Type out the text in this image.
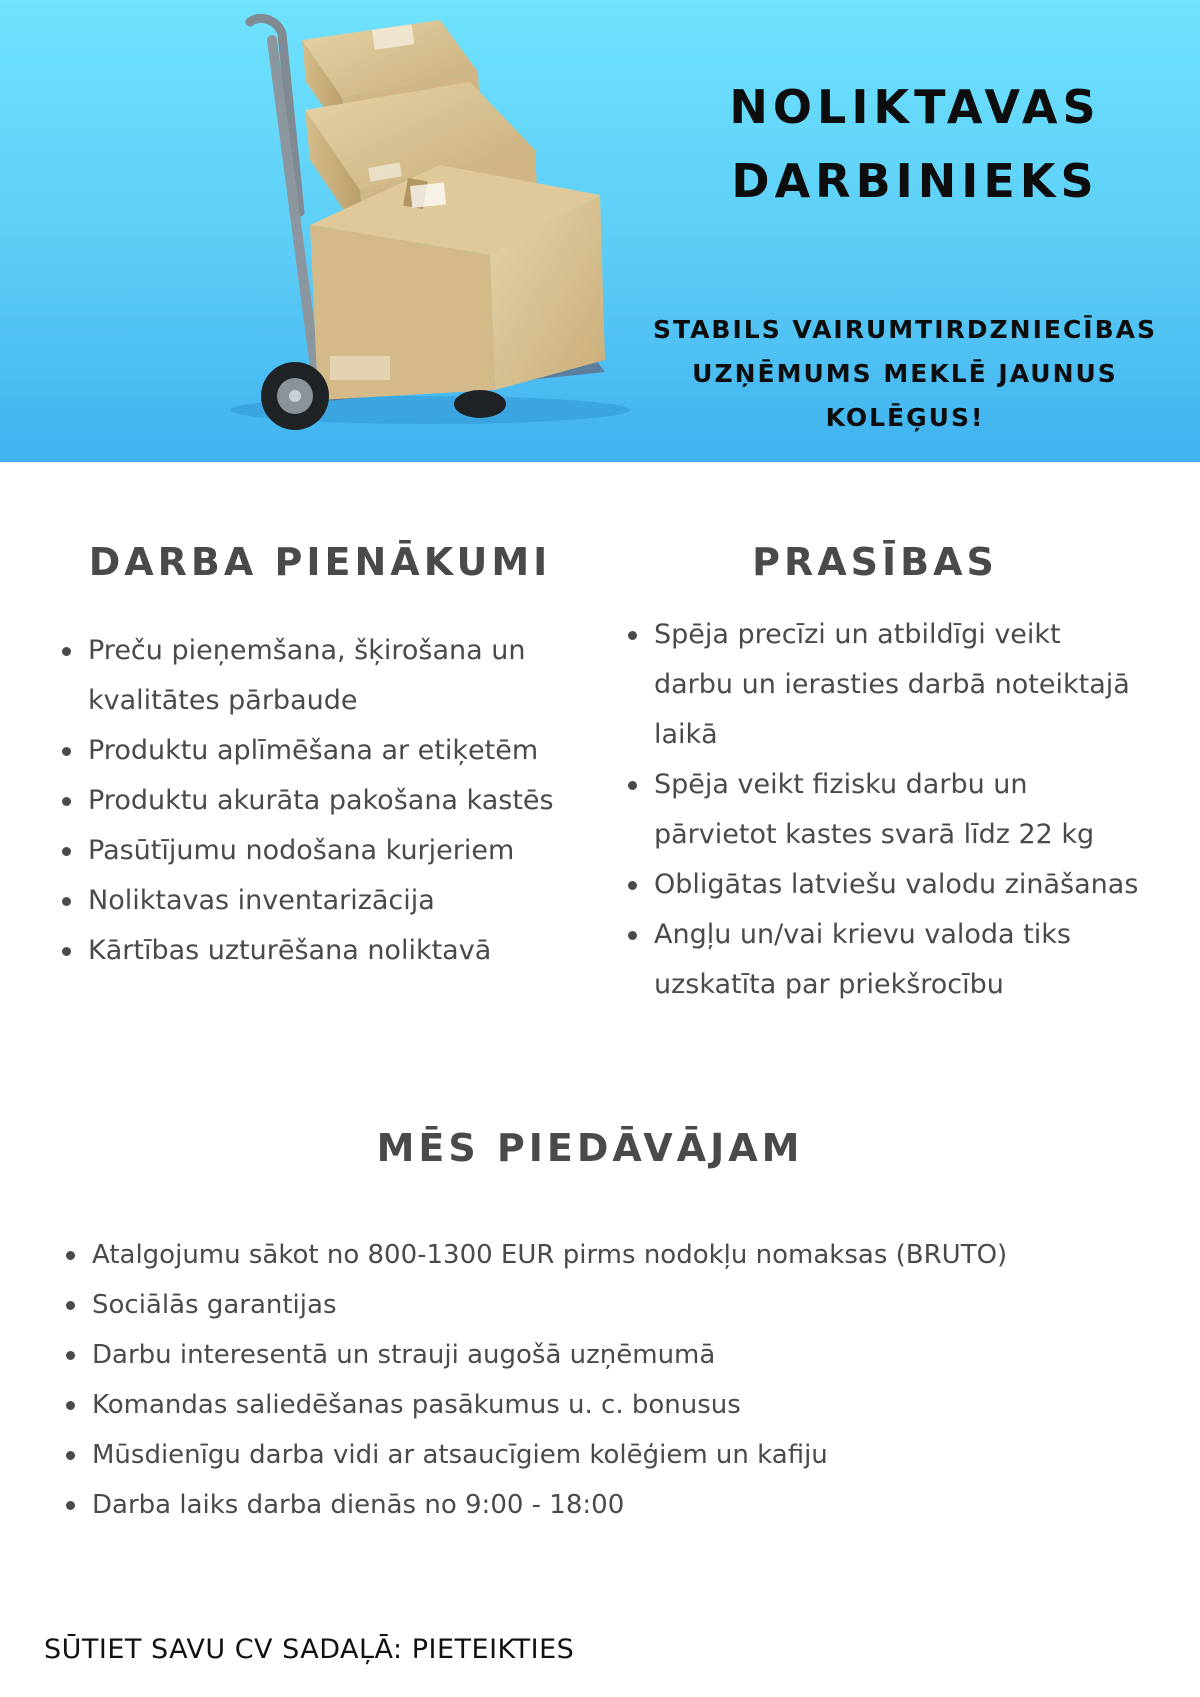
NOLIKTAVAS
DARBINIEKS
STABILS VAIRUMTIRDZNIECĪBAS
UZŅĒMUMS MEKLĒ JAUNUS
KOLĒĢUS!
DARBA PIENĀKUMI
Preču pieņemšana, šķirošana un kvalitātes pārbaude
Produktu aplīmēšana ar etiķetēm
Produktu akurāta pakošana kastēs
Pasūtījumu nodošana kurjeriem
Noliktavas inventarizācija
Kārtības uzturēšana noliktavā
PRASĪBAS
Spēja precīzi un atbildīgi veikt darbu un ierasties darbā noteiktajā laikā
Spēja veikt fizisku darbu un pārvietot kastes svarā līdz 22 kg
Obligātas latviešu valodu zināšanas
Angļu un/vai krievu valoda tiks uzskatīta par priekšrocību
MĒS PIEDĀVĀJAM
Atalgojumu sākot no 800-1300 EUR pirms nodokļu nomaksas (BRUTO)
Sociālās garantijas
Darbu interesentā un strauji augošā uzņēmumā
Komandas saliedēšanas pasākumus u. c. bonusus
Mūsdienīgu darba vidi ar atsaucīgiem kolēģiem un kafiju
Darba laiks darba dienās no 9:00 - 18:00
SŪTIET SAVU CV SADAĻĀ: PIETEIKTIES
